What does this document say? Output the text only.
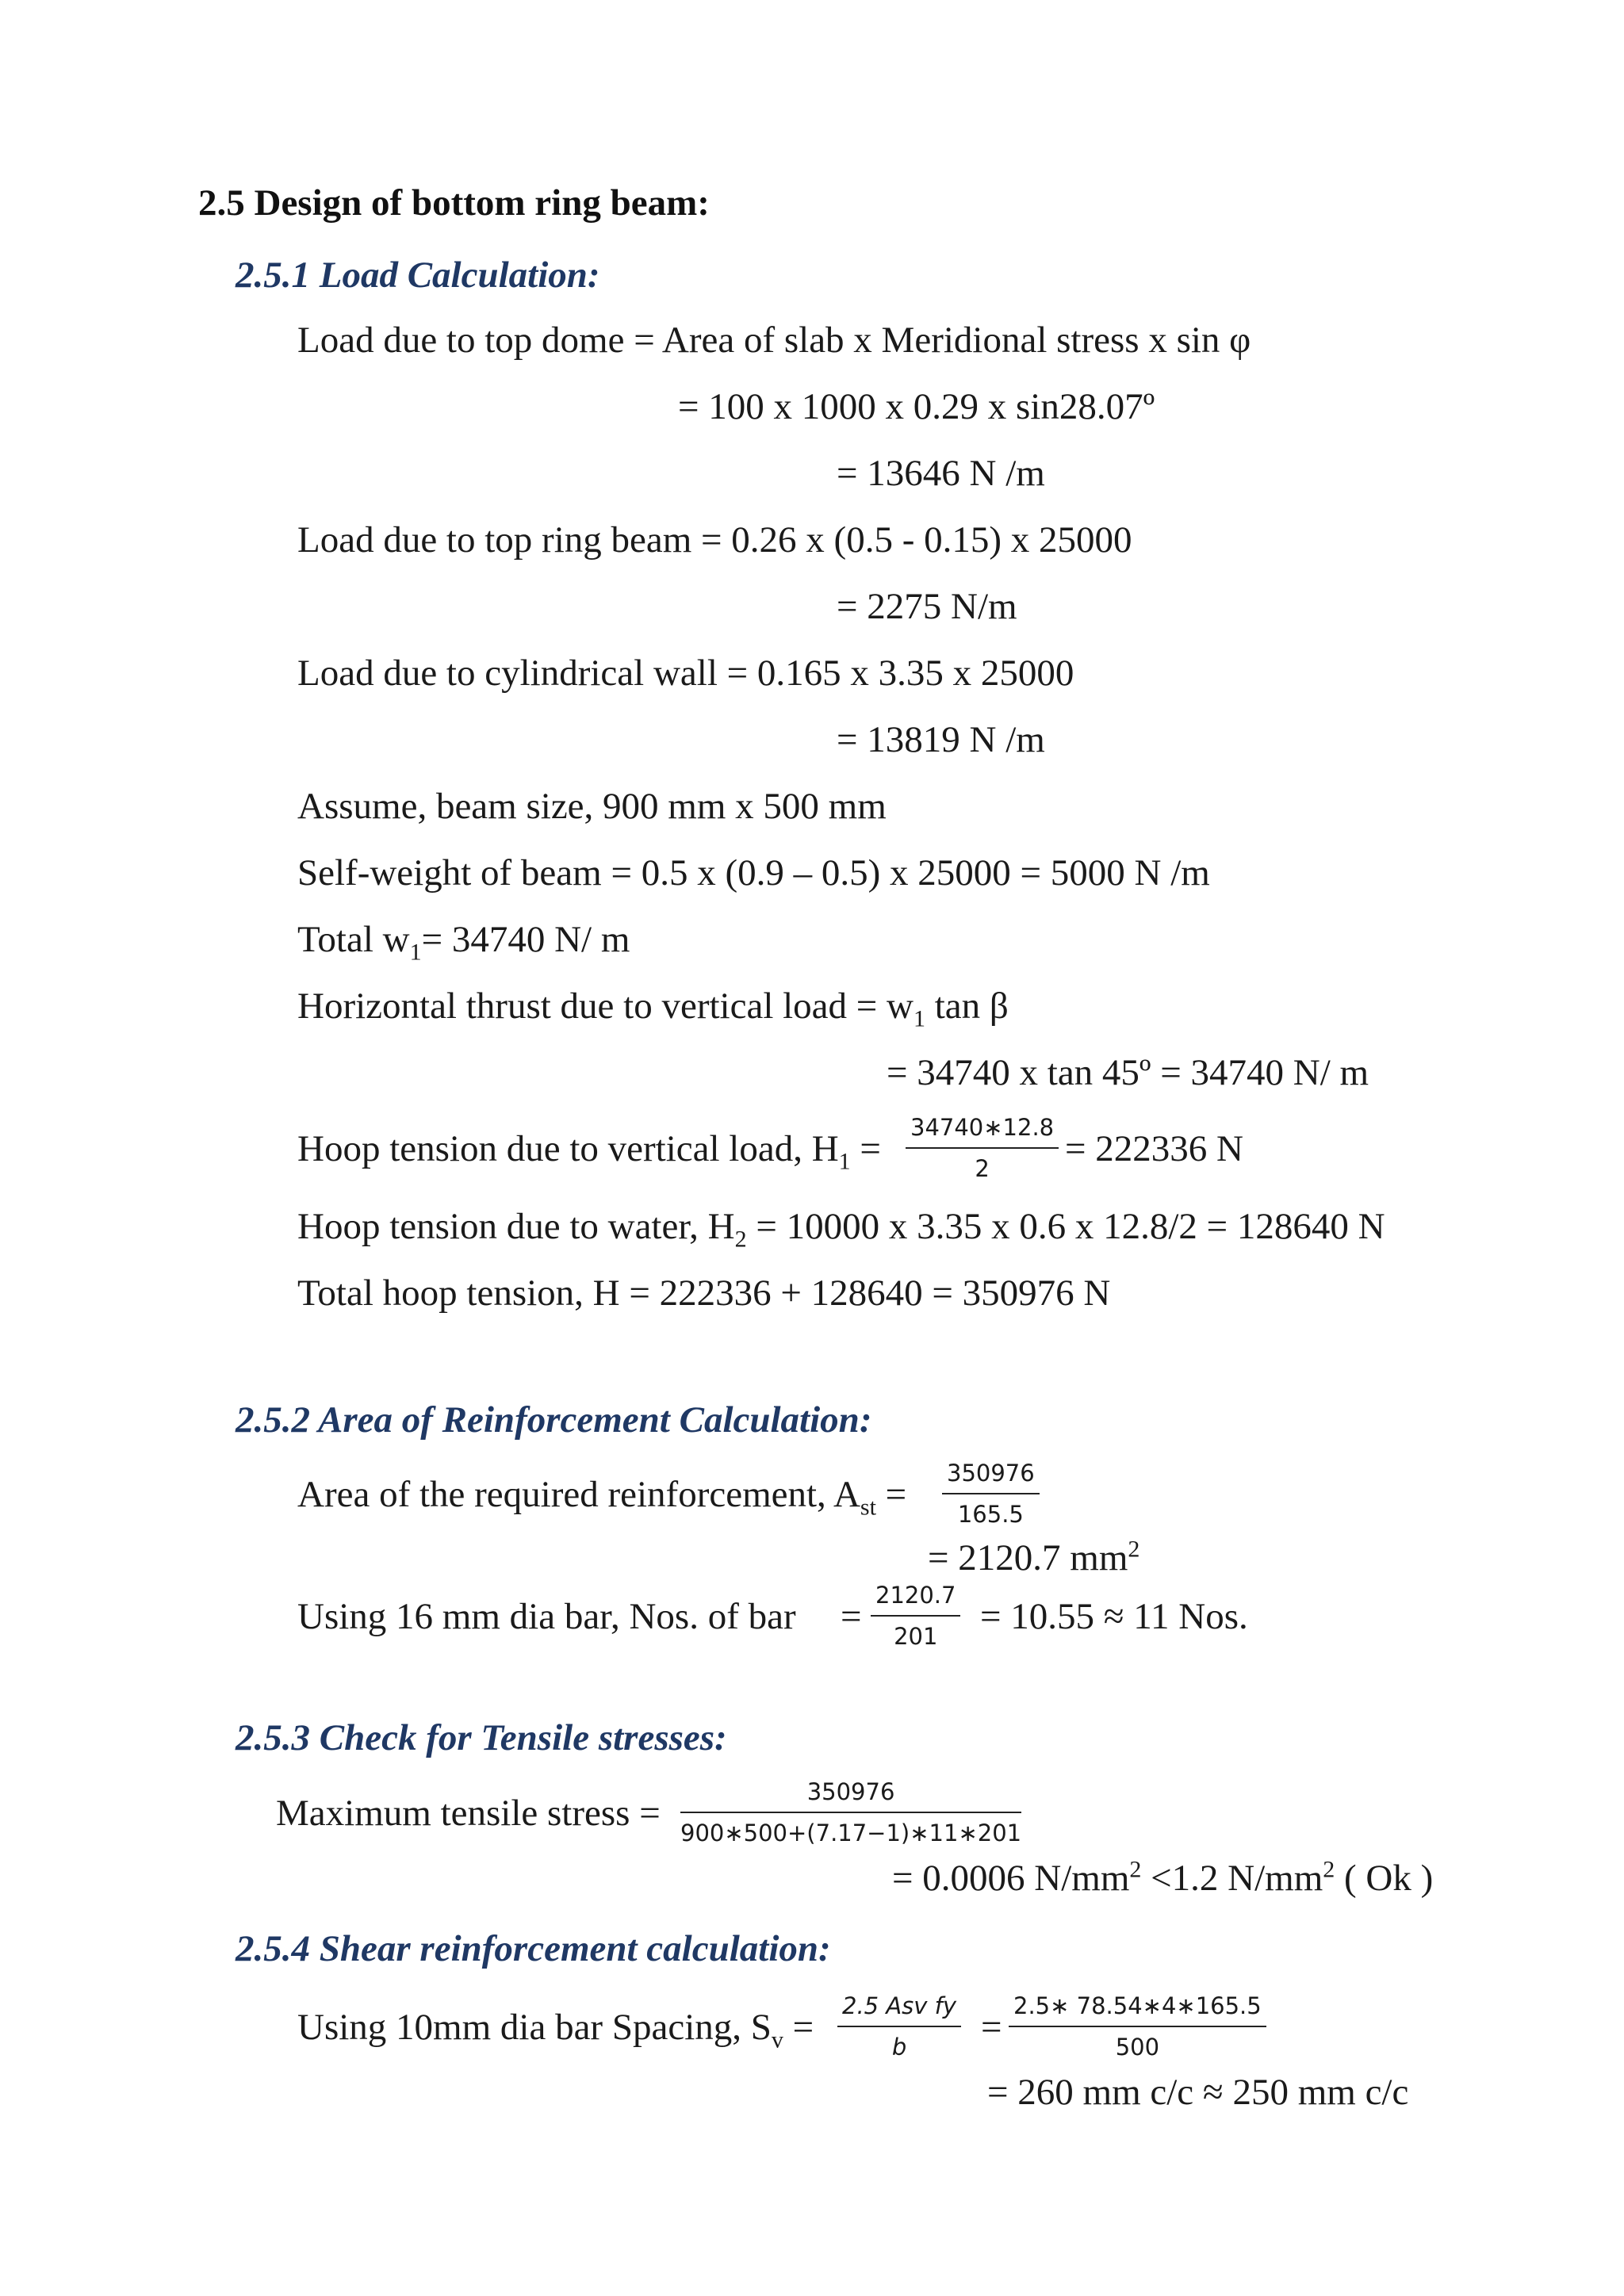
2.5 Design of bottom ring beam:
2.5.1 Load Calculation:
Load due to top dome = Area of slab x Meridional stress x sin φ
= 100 x 1000 x 0.29 x sin28.07º
= 13646 N /m
Load due to top ring beam = 0.26 x (0.5 - 0.15) x 25000
= 2275 N/m
Load due to cylindrical wall = 0.165 x 3.35 x 25000
= 13819 N /m
Assume, beam size, 900 mm x 500 mm
Self-weight of beam = 0.5 x (0.9 – 0.5) x 25000 = 5000 N /m
Total $w_1= 34740$ N/ m
Horizontal thrust due to vertical load = $w_1$ tan β
= 34740 x tan 45º = 34740 N/ m
Hoop tension due to vertical load, $H_1 = \frac{34740∗12.8}{2} = 222336$ N
Hoop tension due to water, $H_2 = 10000$ x 3.35 x 0.6 x 12.8/2 = 128640 N
Total hoop tension, H = 222336 + 128640 = 350976 N
2.5.2 Area of Reinforcement Calculation:
Area of the required reinforcement, $A_{st} = \frac{350976}{165.5}$
= 2120.7 $mm^2$
Using 16 mm dia bar, Nos. of bar = $\frac{2120.7}{201} = 10.55 \approx 11$ Nos.
2.5.3 Check for Tensile stresses:
Maximum tensile stress = $\frac{350976}{900∗500+(7.17-1)∗11∗201}$
= 0.0006 $N/mm^2 <1.2$ $N/mm^2$ ( Ok )
2.5.4 Shear reinforcement calculation:
Using 10mm dia bar Spacing, $S_v$ =
2.5 Asv fy
b	= $\frac{2.5∗ 78.54∗4∗165.5}{500}$
= 260 mm c/c ≈ 250 mm c/c
